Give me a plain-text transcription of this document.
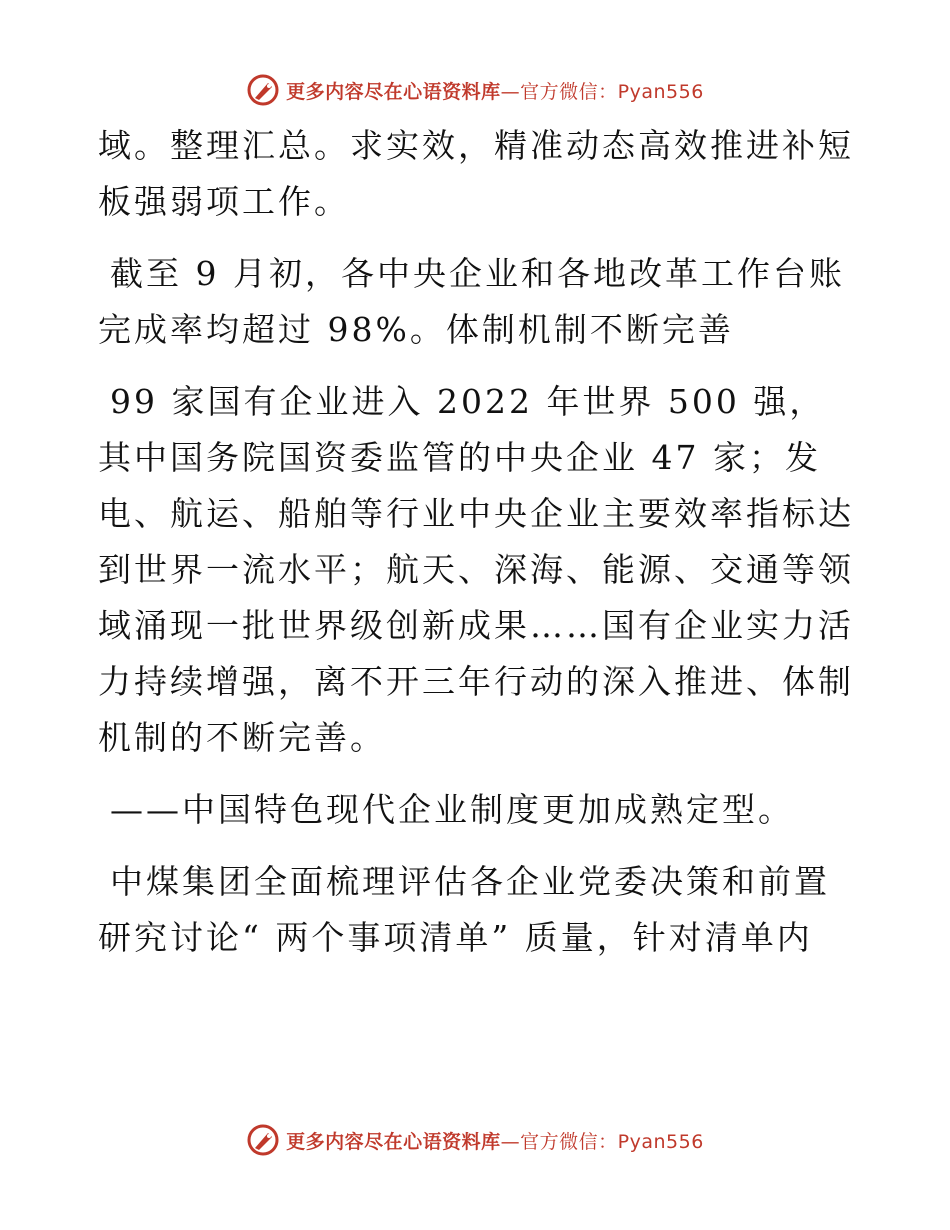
更多内容尽在心语资料库—官方微信：Pyan556

域。整理汇总。求实效，精准动态高效推进补短板强弱项工作。

截至 9 月初，各中央企业和各地改革工作台账完成率均超过 98%。体制机制不断完善

99 家国有企业进入 2022 年世界 500 强，其中国务院国资委监管的中央企业 47 家；发电、航运、船舶等行业中央企业主要效率指标达到世界一流水平；航天、深海、能源、交通等领域涌现一批世界级创新成果……国有企业实力活力持续增强，离不开三年行动的深入推进、体制机制的不断完善。

——中国特色现代企业制度更加成熟定型。

中煤集团全面梳理评估各企业党委决策和前置研究讨论“ 两个事项清单” 质量，针对清单内

更多内容尽在心语资料库—官方微信：Pyan556
